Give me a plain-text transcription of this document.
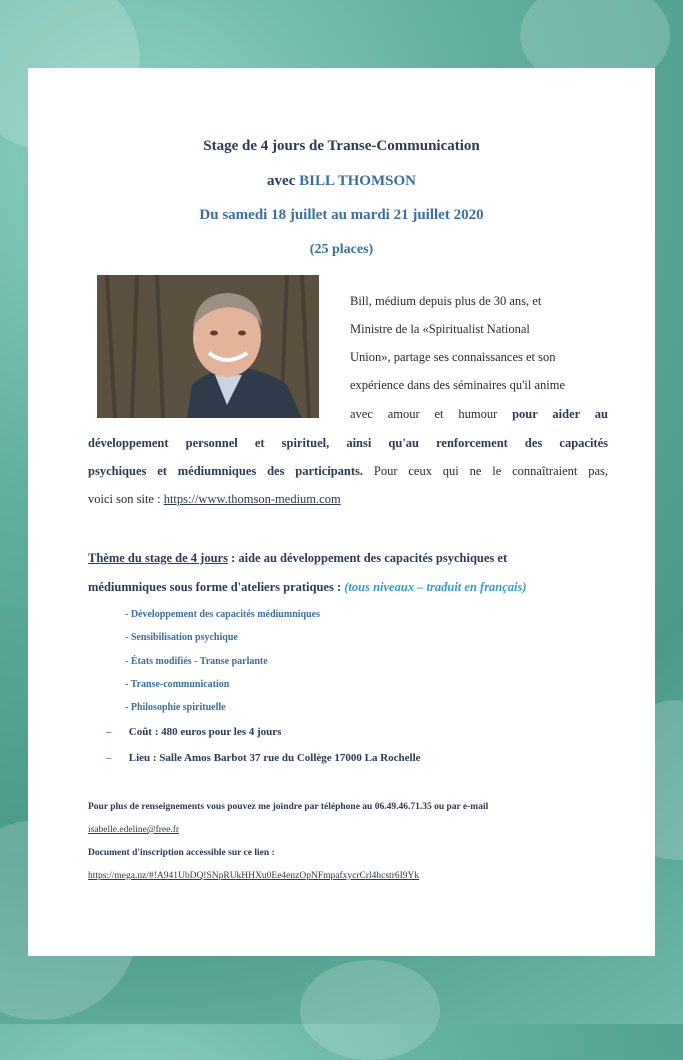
Stage de 4 jours de Transe-Communication
avec BILL THOMSON
Du samedi 18 juillet au mardi 21 juillet 2020
(25 places)
Bill, médium depuis plus de 30 ans, et
Ministre de la «Spiritualist National
Union», partage ses connaissances et son
expérience dans des séminaires qu'il anime
avec amour et humour pour aider au
développement personnel et spirituel, ainsi qu'au renforcement des capacités
psychiques et médiumniques des participants. Pour ceux qui ne le connaîtraient pas,
voici son site : https://www.thomson-medium.com
Thème du stage de 4 jours : aide au développement des capacités psychiques et
médiumniques sous forme d'ateliers pratiques : (tous niveaux – traduit en français)
- Développement des capacités médiumniques
- Sensibilisation psychique
- États modifiés - Transe parlante
- Transe-communication
- Philosophie spirituelle
– Coût : 480 euros pour les 4 jours
– Lieu : Salle Amos Barbot 37 rue du Collège 17000 La Rochelle
Pour plus de renseignements vous pouvez me joindre par téléphone au 06.49.46.71.35 ou par e-mail
isabelle.edeline@free.fr
Document d'inscription accessible sur ce lien :
https://mega.nz/#!A941UbDQ!SNpRUkHHXu0Ee4enzOpNFmpafxycrCrl4hcstr6I9Yk
